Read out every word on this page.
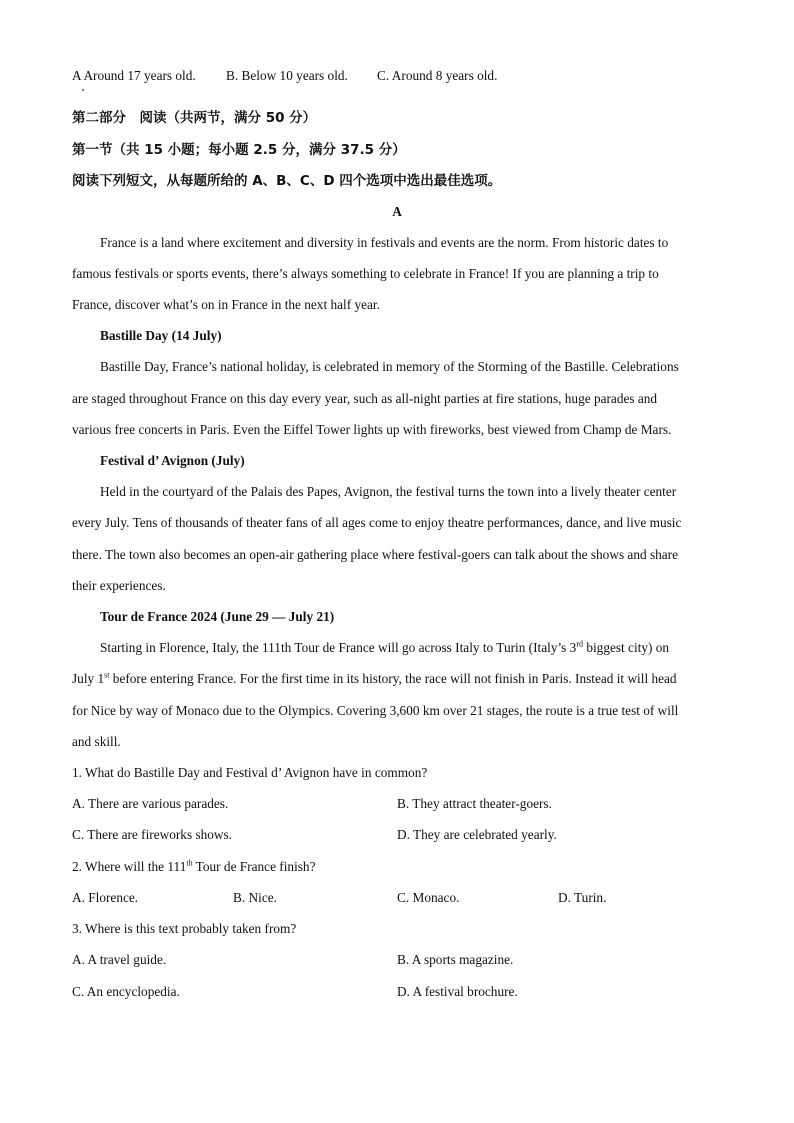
A Around 17 years old. B. Below 10 years old. C. Around 8 years old.
第二部分　阅读（共两节，满分 50 分）
第一节（共 15 小题；每小题 2.5 分，满分 37.5 分）
阅读下列短文，从每题所给的 A、B、C、D 四个选项中选出最佳选项。
A
France is a land where excitement and diversity in festivals and events are the norm. From historic dates to
famous festivals or sports events, there’s always something to celebrate in France! If you are planning a trip to
France, discover what’s on in France in the next half year.
Bastille Day (14 July)
Bastille Day, France’s national holiday, is celebrated in memory of the Storming of the Bastille. Celebrations
are staged throughout France on this day every year, such as all-night parties at fire stations, huge parades and
various free concerts in Paris. Even the Eiffel Tower lights up with fireworks, best viewed from Champ de Mars.
Festival d’ Avignon (July)
Held in the courtyard of the Palais des Papes, Avignon, the festival turns the town into a lively theater center
every July. Tens of thousands of theater fans of all ages come to enjoy theatre performances, dance, and live music
there. The town also becomes an open-air gathering place where festival-goers can talk about the shows and share
their experiences.
Tour de France 2024 (June 29 — July 21)
Starting in Florence, Italy, the 111th Tour de France will go across Italy to Turin (Italy’s 3rd biggest city) on
July 1st before entering France. For the first time in its history, the race will not finish in Paris. Instead it will head
for Nice by way of Monaco due to the Olympics. Covering 3,600 km over 21 stages, the route is a true test of will
and skill.
1. What do Bastille Day and Festival d’ Avignon have in common?
A. There are various parades.	B. They attract theater-goers.
C. There are fireworks shows.	D. They are celebrated yearly.
2. Where will the 111th Tour de France finish?
A. Florence.	B. Nice.	C. Monaco.	D. Turin.
3. Where is this text probably taken from?
A. A travel guide.	B. A sports magazine.
C. An encyclopedia.	D. A festival brochure.
